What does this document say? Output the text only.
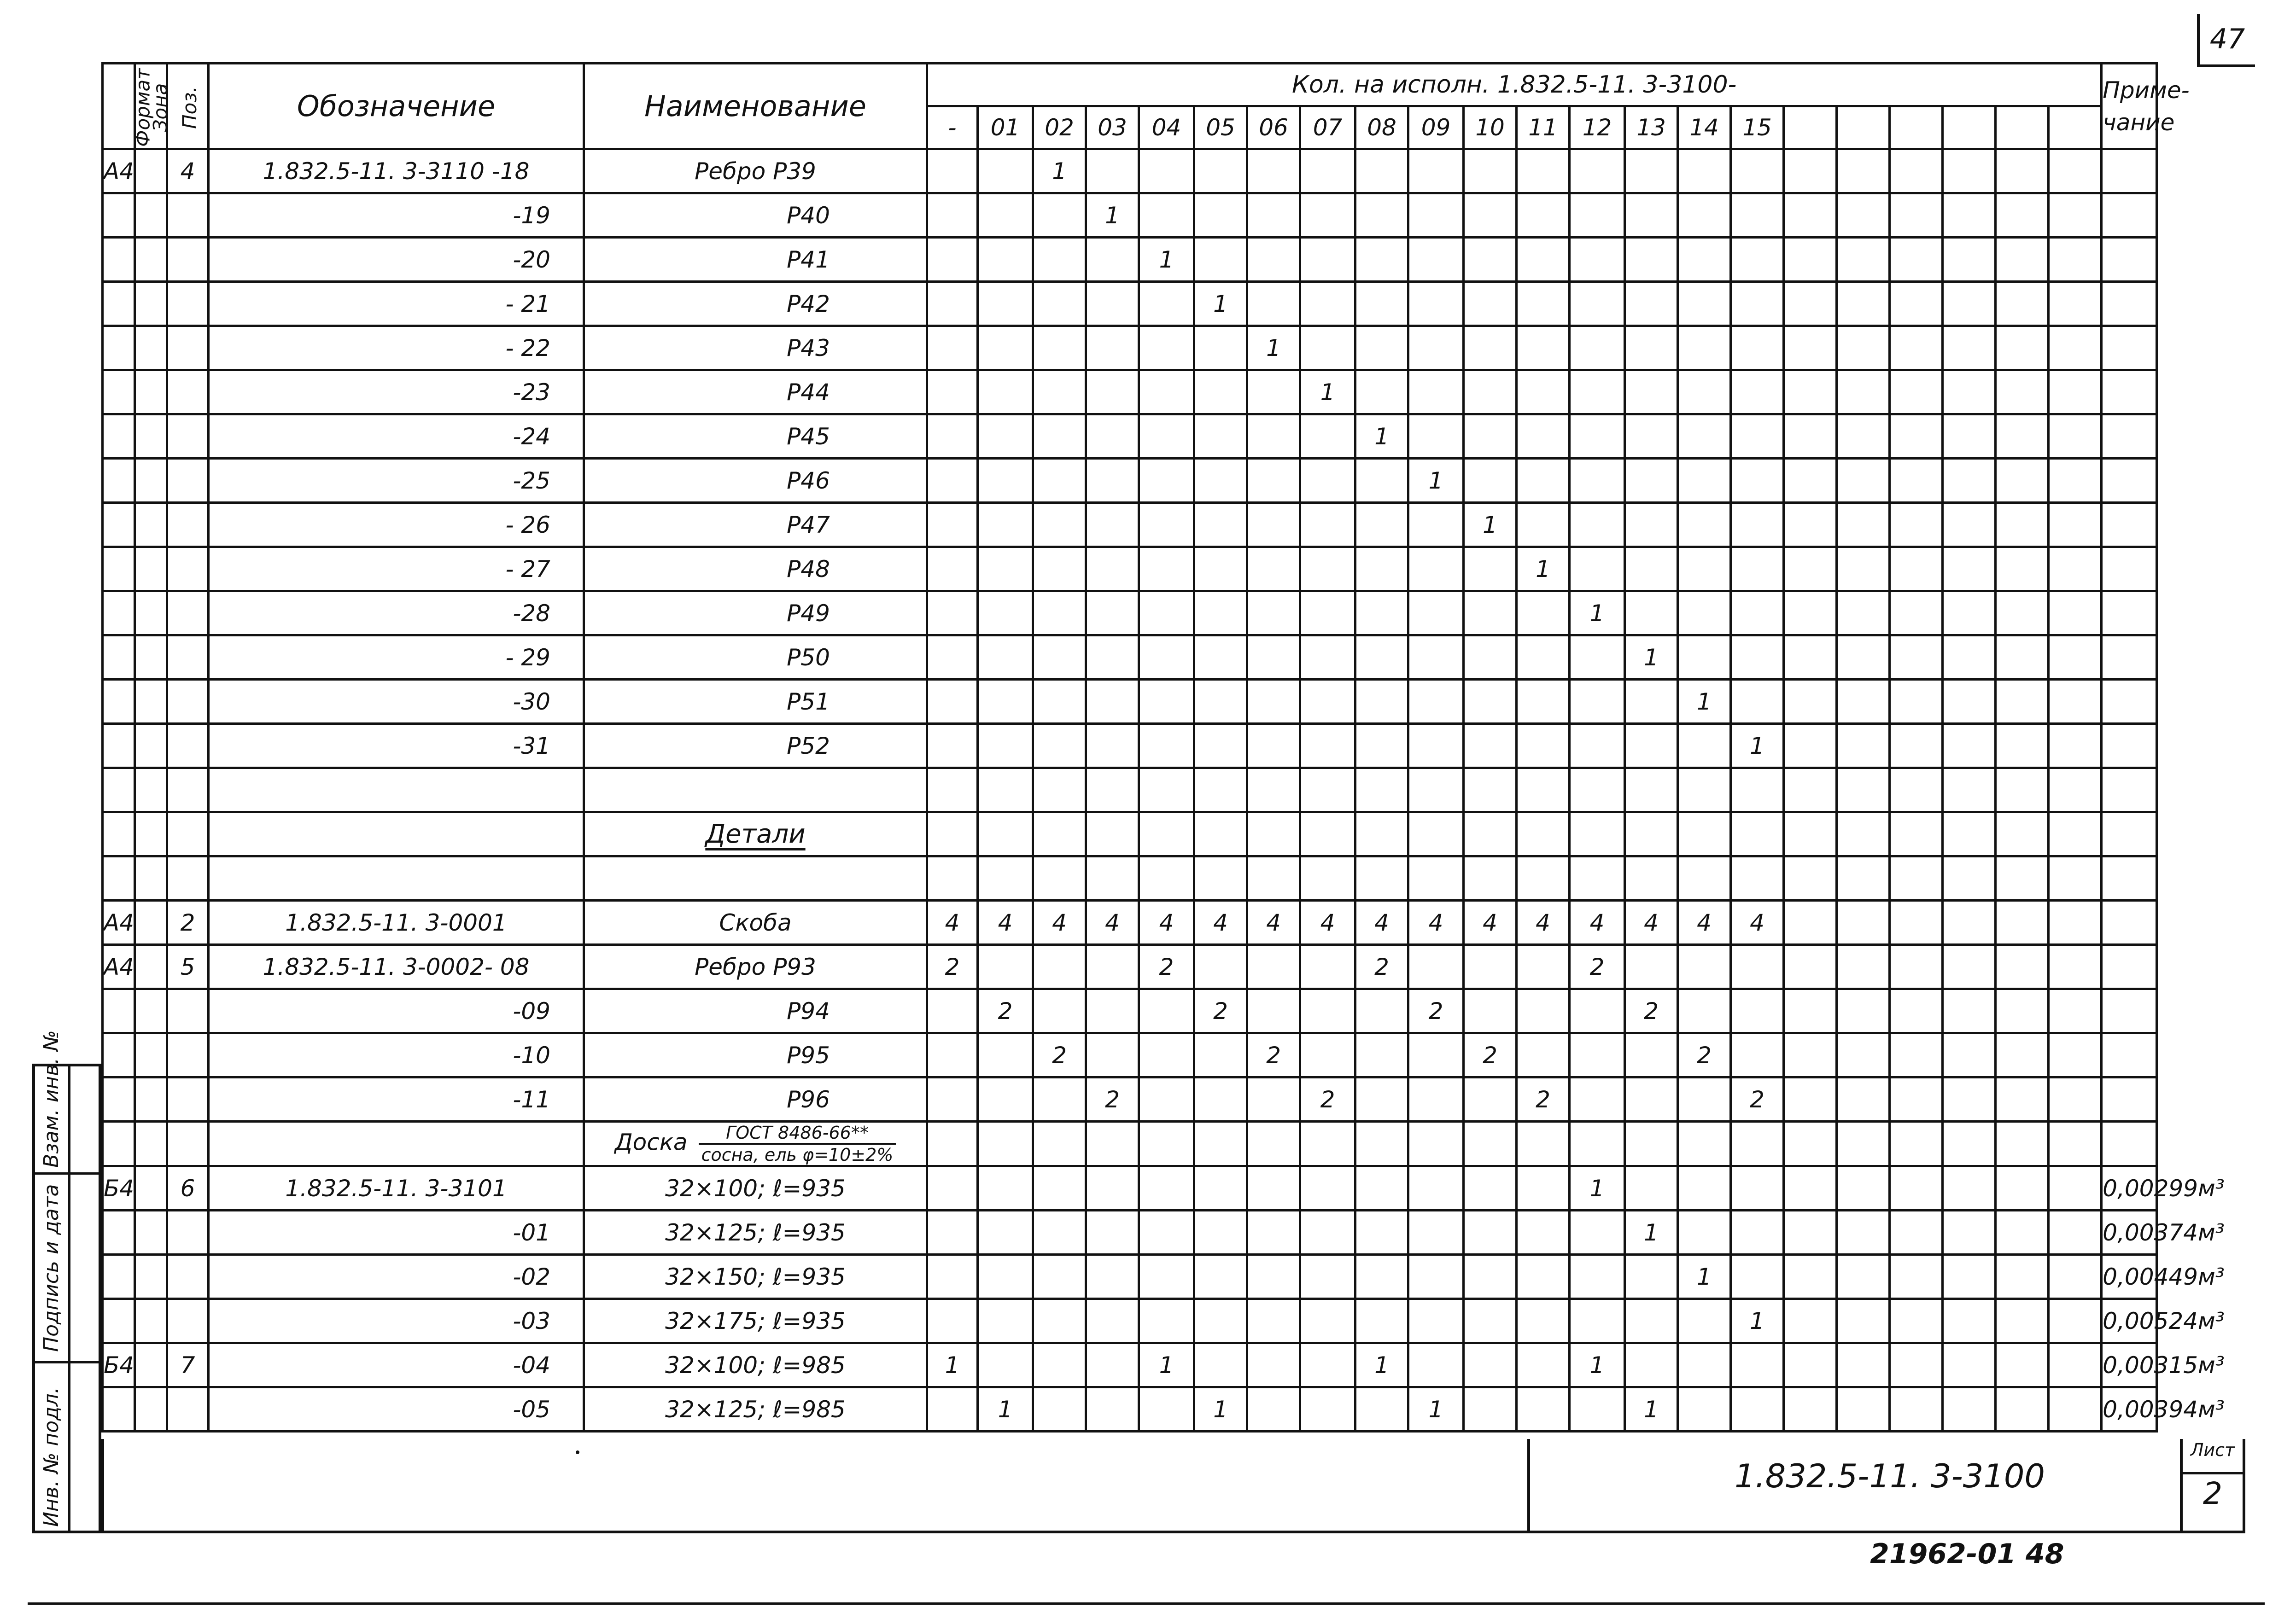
47
Инв. № подл.
Подпись и дата
Взам. инв. №
Формат	Зона	Поз.	Обозначение	Наименование	Кол. на исполн. 1.832.5-11. 3-3100-																						Приме-чание
					-	01	02	03	04	05	06	07	08	09	10	11	12	13	14	15							
А4		4	1.832.5-11. 3-3110 -18	Ребро Р39			1																				
			-19	Р40				1																			
			-20	Р41					1																		
			- 21	Р42						1																	
			- 22	Р43							1																
			-23	Р44								1															
			-24	Р45									1														
			-25	Р46										1													
			- 26	Р47											1												
			- 27	Р48												1											
			-28	Р49													1										
			- 29	Р50														1									
			-30	Р51															1								
			-31	Р52																1							

				Детали																							

А4		2	1.832.5-11. 3-0001	Скоба	4	4	4	4	4	4	4	4	4	4	4	4	4	4	4	4							
А4		5	1.832.5-11. 3-0002- 08	Ребро Р93	2				2				2				2										
			-09	Р94		2				2				2				2									
			-10	Р95			2				2				2				2								
			-11	Р96				2				2				2				2							
				Доска $\frac{\text{ГОСТ 8486-66**}}{\text{сосна, ель φ=10±2\%}}$

Б4		6	1.832.5-11. 3-3101	32×100; ℓ=935													1										0,00299м³
			-01	32×125; ℓ=935														1									0,00374м³
			-02	32×150; ℓ=935															1								0,00449м³
			-03	32×175; ℓ=935																1							0,00524м³
Б4		7	-04	32×100; ℓ=985	1				1				1				1										0,00315м³
			-05	32×125; ℓ=985		1				1				1				1									0,00394м³
1.832.5-11. 3-3100
Лист
2
21962-01 48
